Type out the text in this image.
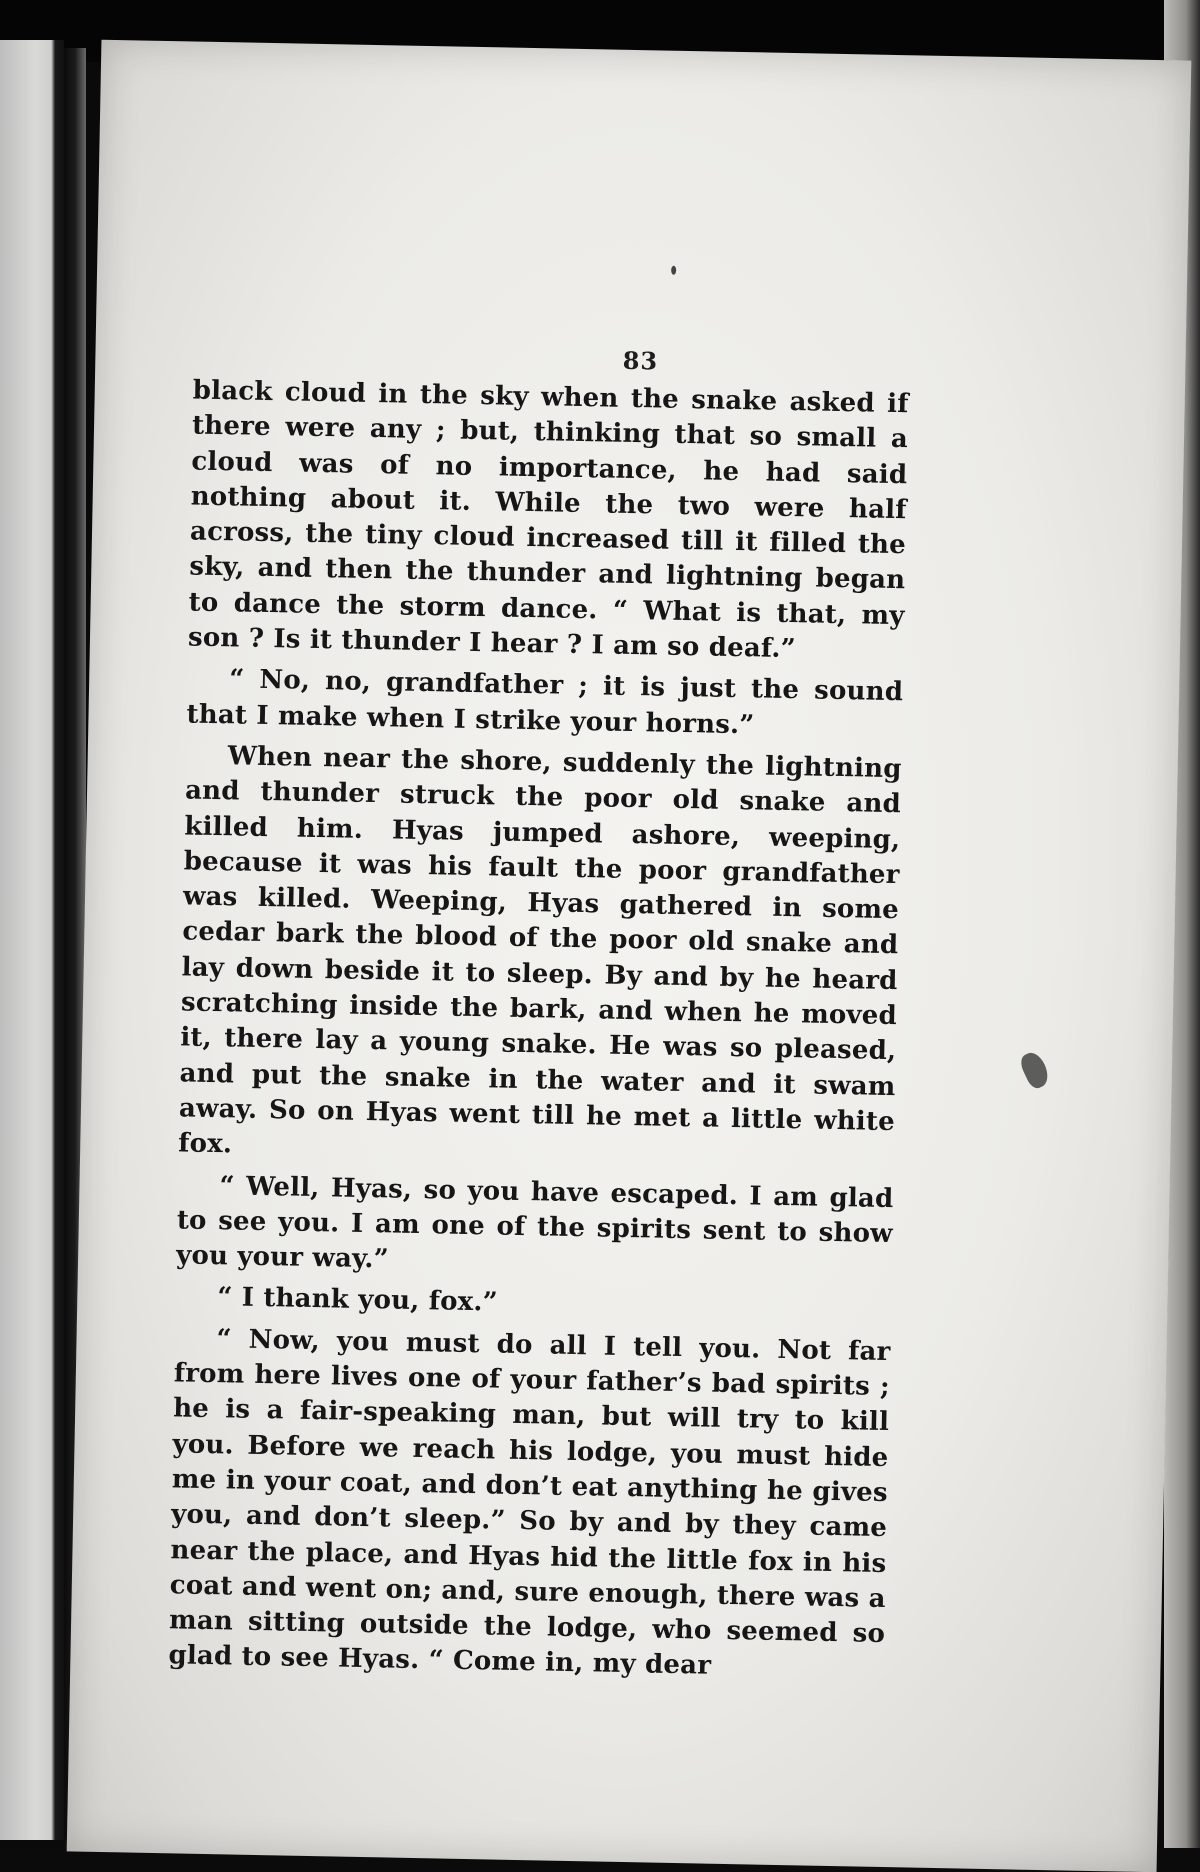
83

black cloud in the sky when the snake asked if there were any ; but, thinking that so small a cloud was of no importance, he had said nothing about it. While the two were half across, the tiny cloud increased till it filled the sky, and then the thunder and lightning began to dance the storm dance. “ What is that, my son ? Is it thunder I hear ? I am so deaf.”

“ No, no, grandfather ; it is just the sound that I make when I strike your horns.”

When near the shore, suddenly the lightning and thunder struck the poor old snake and killed him. Hyas jumped ashore, weeping, because it was his fault the poor grandfather was killed. Weeping, Hyas gathered in some cedar bark the blood of the poor old snake and lay down beside it to sleep. By and by he heard scratching inside the bark, and when he moved it, there lay a young snake. He was so pleased, and put the snake in the water and it swam away. So on Hyas went till he met a little white fox.

“ Well, Hyas, so you have escaped. I am glad to see you. I am one of the spirits sent to show you your way.”

“ I thank you, fox.”

“ Now, you must do all I tell you. Not far from here lives one of your father’s bad spirits ; he is a fair-speaking man, but will try to kill you. Before we reach his lodge, you must hide me in your coat, and don’t eat anything he gives you, and don’t sleep.” So by and by they came near the place, and Hyas hid the little fox in his coat and went on; and, sure enough, there was a man sitting outside the lodge, who seemed so glad to see Hyas. “ Come in, my dear
